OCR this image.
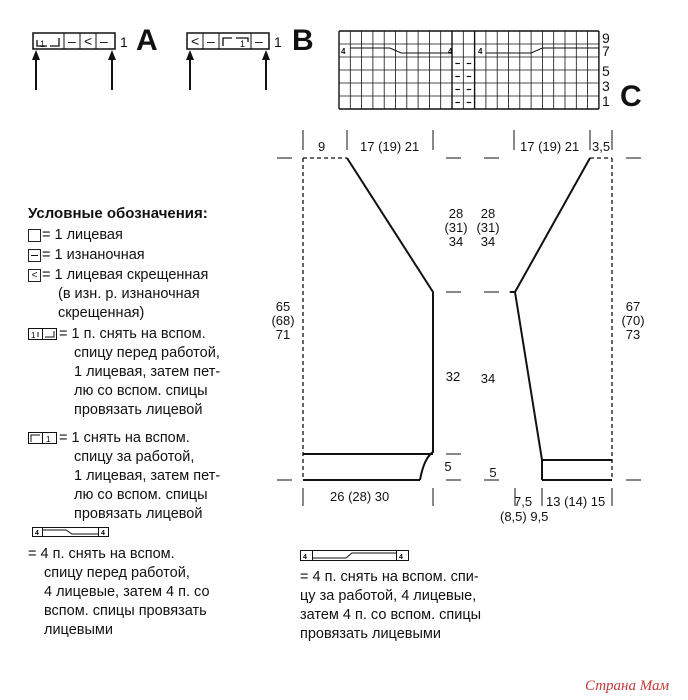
1 – < – 1 A < –	1 – 1 B	9
7
5
3
1
4	4	4
C
Условные обозначения:
= 1 лицевая
= 1 изнаночная
< = 1 лицевая скрещенная
(в изн. р. изнаночная
скрещенная)
1 = 1 п. снять на вспом.
спицу перед работой,
1 лицевая, затем пет-
лю со вспом. спицы
провязать лицевой
1 = 1 снять на вспом.
спицу за работой,
1 лицевая, затем пет-
лю со вспом. спицы
провязать лицевой
4	4
= 4 п. снять на вспом.
спицу перед работой,
4 лицевые, затем 4 п. со
вспом. спицы провязать
лицевыми
4	4
= 4 п. снять на вспом. спи-
цу за работой, 4 лицевые,
затем 4 п. со вспом. спицы
провязать лицевыми
9	17 (19) 21
28
(31)
34
32
65
(68)
71
5
26 (28) 30
17 (19) 21 3,5
28
(31)
34
34
67
(70)
73
5
7,5
(8,5) 9,5
13 (14) 15
Страна Мам
